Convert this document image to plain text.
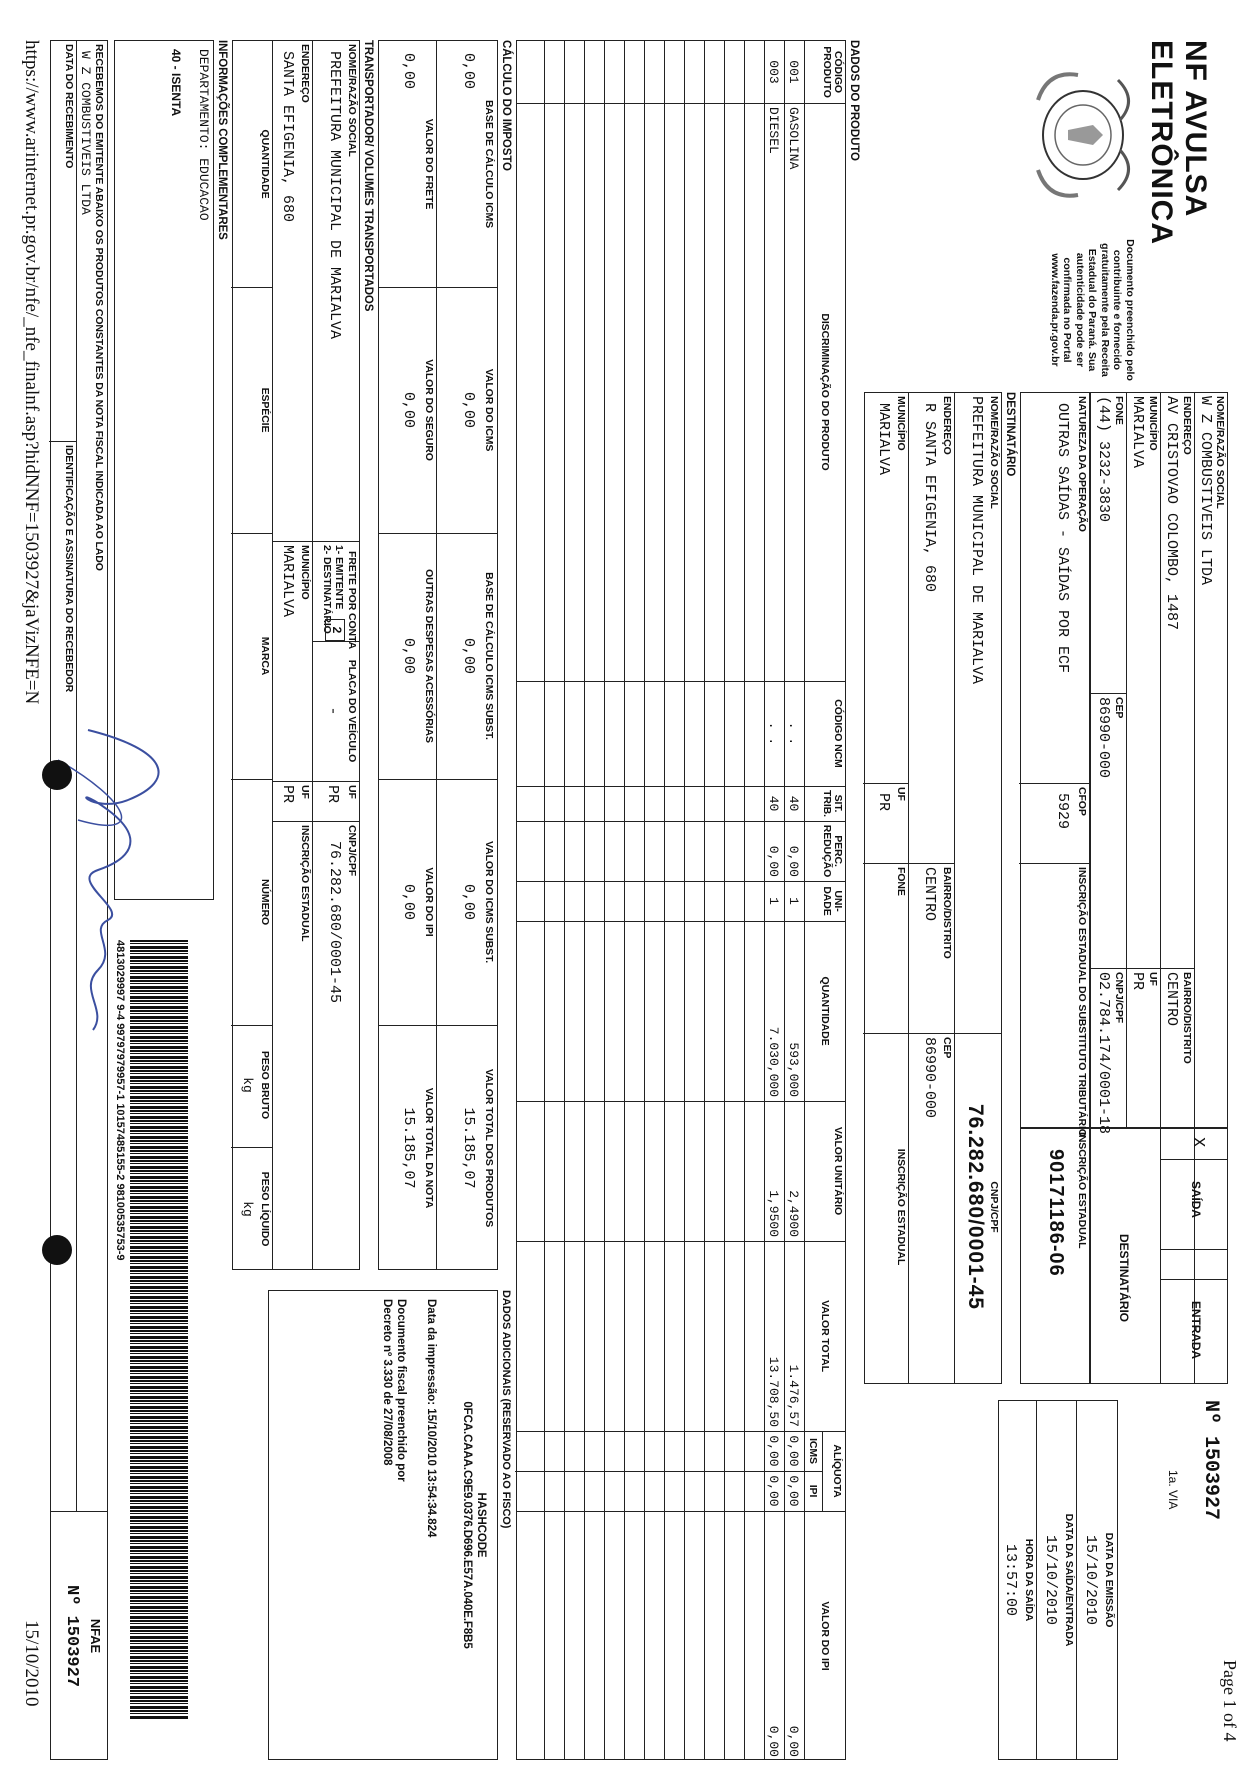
Page 1 of 4
NF AVULSA
ELETRÔNICA
Documento preenchido pelo
contribuinte e fornecido
gratuitamente pela Receita
Estadual do Paraná. Sua
autenticidade pode ser
confirmada no Portal
www.fazenda.pr.gov.br
NOME/RAZÃO SOCIAL
W Z COMBUSTIVEIS LTDA
ENDEREÇO
AV CRISTOVAO COLOMBO, 1487
BAIRRO/DISTRITO
CENTRO
MUNICÍPIO
MARIALVA
UF
PR
FONE
(44) 3232-3830
CEP
86990-000
CNPJ/CPF
02.784.174/0001-18
X
SAÍDA
ENTRADA
DESTINATÁRIO
Nº 1503927
1a. VIA
NATUREZA DA OPERAÇÃO
OUTRAS SAÍDAS - SAÍDAS POR ECF
CFOP
5929
INSCRIÇÃO ESTADUAL DO SUBSTITUTO TRIBUTÁRIO
INSCRIÇÃO ESTADUAL
90171186-06
DATA DA EMISSÃO
15/10/2010
DATA DA SAÍDA/ENTRADA
15/10/2010
HORA DA SAÍDA
13:57:00
DESTINATÁRIO
NOME/RAZÃO SOCIAL
PREFEITURA MUNICIPAL DE MARIALVA
CNPJ/CPF
76.282.680/0001-45
ENDEREÇO
R SANTA EFIGENIA, 680
BAIRRO/DISTRITO
CENTRO
CEP
86990-000
MUNICÍPIO
MARIALVA
UF
PR
FONE
INSCRIÇÃO ESTADUAL
DADOS DO PRODUTO
CÓDIGO PRODUTO
DISCRIMINAÇÃO DO PRODUTO
CÓDIGO NCM
SIT. TRIB.
PERC. REDUÇÃO
UNI- DADE
QUANTIDADE
VALOR UNITÁRIO
VALOR TOTAL
ALÍQUOTA
ICMS
IPI
VALOR DO IPI
001
GASOLINA
. .
40
0,00
1
593,000
2,4900
1.476,57
0,00
0,00
0,00
003
DIESEL
. .
40
0,00
1
7.030,000
1,9500
13.708,50
0,00
0,00
0,00
CÁLCULO DO IMPOSTO
BASE DE CÁLCULO ICMS
0,00
VALOR DO ICMS
0,00
BASE DE CÁLCULO ICMS SUBST.
0,00
VALOR DO ICMS SUBST.
0,00
VALOR TOTAL DOS PRODUTOS
15.185,07
VALOR DO FRETE
0,00
VALOR DO SEGURO
0,00
OUTRAS DESPESAS ACESSÓRIAS
0,00
VALOR DO IPI
0,00
VALOR TOTAL DA NOTA
15.185,07
DADOS ADICIONAIS (RESERVADO AO FISCO)
HASHCODE
0FCA.CAAA.C9E9.0376.D696.E57A.040E.F8B5
Data da impressão: 15/10/2010 13:54:34.824
Documento fiscal preenchido por
Decreto nº 3.330 de 27/08/2008
TRANSPORTADOR/ VOLUMES TRANSPORTADOS
NOME/RAZÃO SOCIAL
PREFEITURA MUNICIPAL DE MARIALVA
FRETE POR CONTA
1- EMITENTE
2- DESTINATÁRIO
2
PLACA DO VEÍCULO
-
UF
PR
CNPJ/CPF
76.282.680/0001-45
ENDEREÇO
SANTA EFIGENIA, 680
MUNICÍPIO
MARIALVA
UF
PR
INSCRIÇÃO ESTADUAL
QUANTIDADE
ESPÉCIE
MARCA
NÚMERO
PESO BRUTO
kg
PESO LÍQUIDO
kg
INFORMAÇÕES COMPLEMENTARES
DEPARTAMENTO: EDUCACAO
40 - ISENTA
4813029997 9-4 99797979957-1 10157485155-2 98100535753-9
RECEBEMOS DO EMITENTE ABAIXO OS PRODUTOS CONSTANTES DA NOTA FISCAL INDICADA AO LADO
W Z COMBUSTIVEIS LTDA
DATA DO RECEBIMENTO
IDENTIFICAÇÃO E ASSINATURA DO RECEBEDOR
NFAE
Nº 1503927
https://www.arinternet.pr.gov.br/nfe/_nfe_finalnf.asp?hidNNF=1503927&jaVizNFE=N
15/10/2010
